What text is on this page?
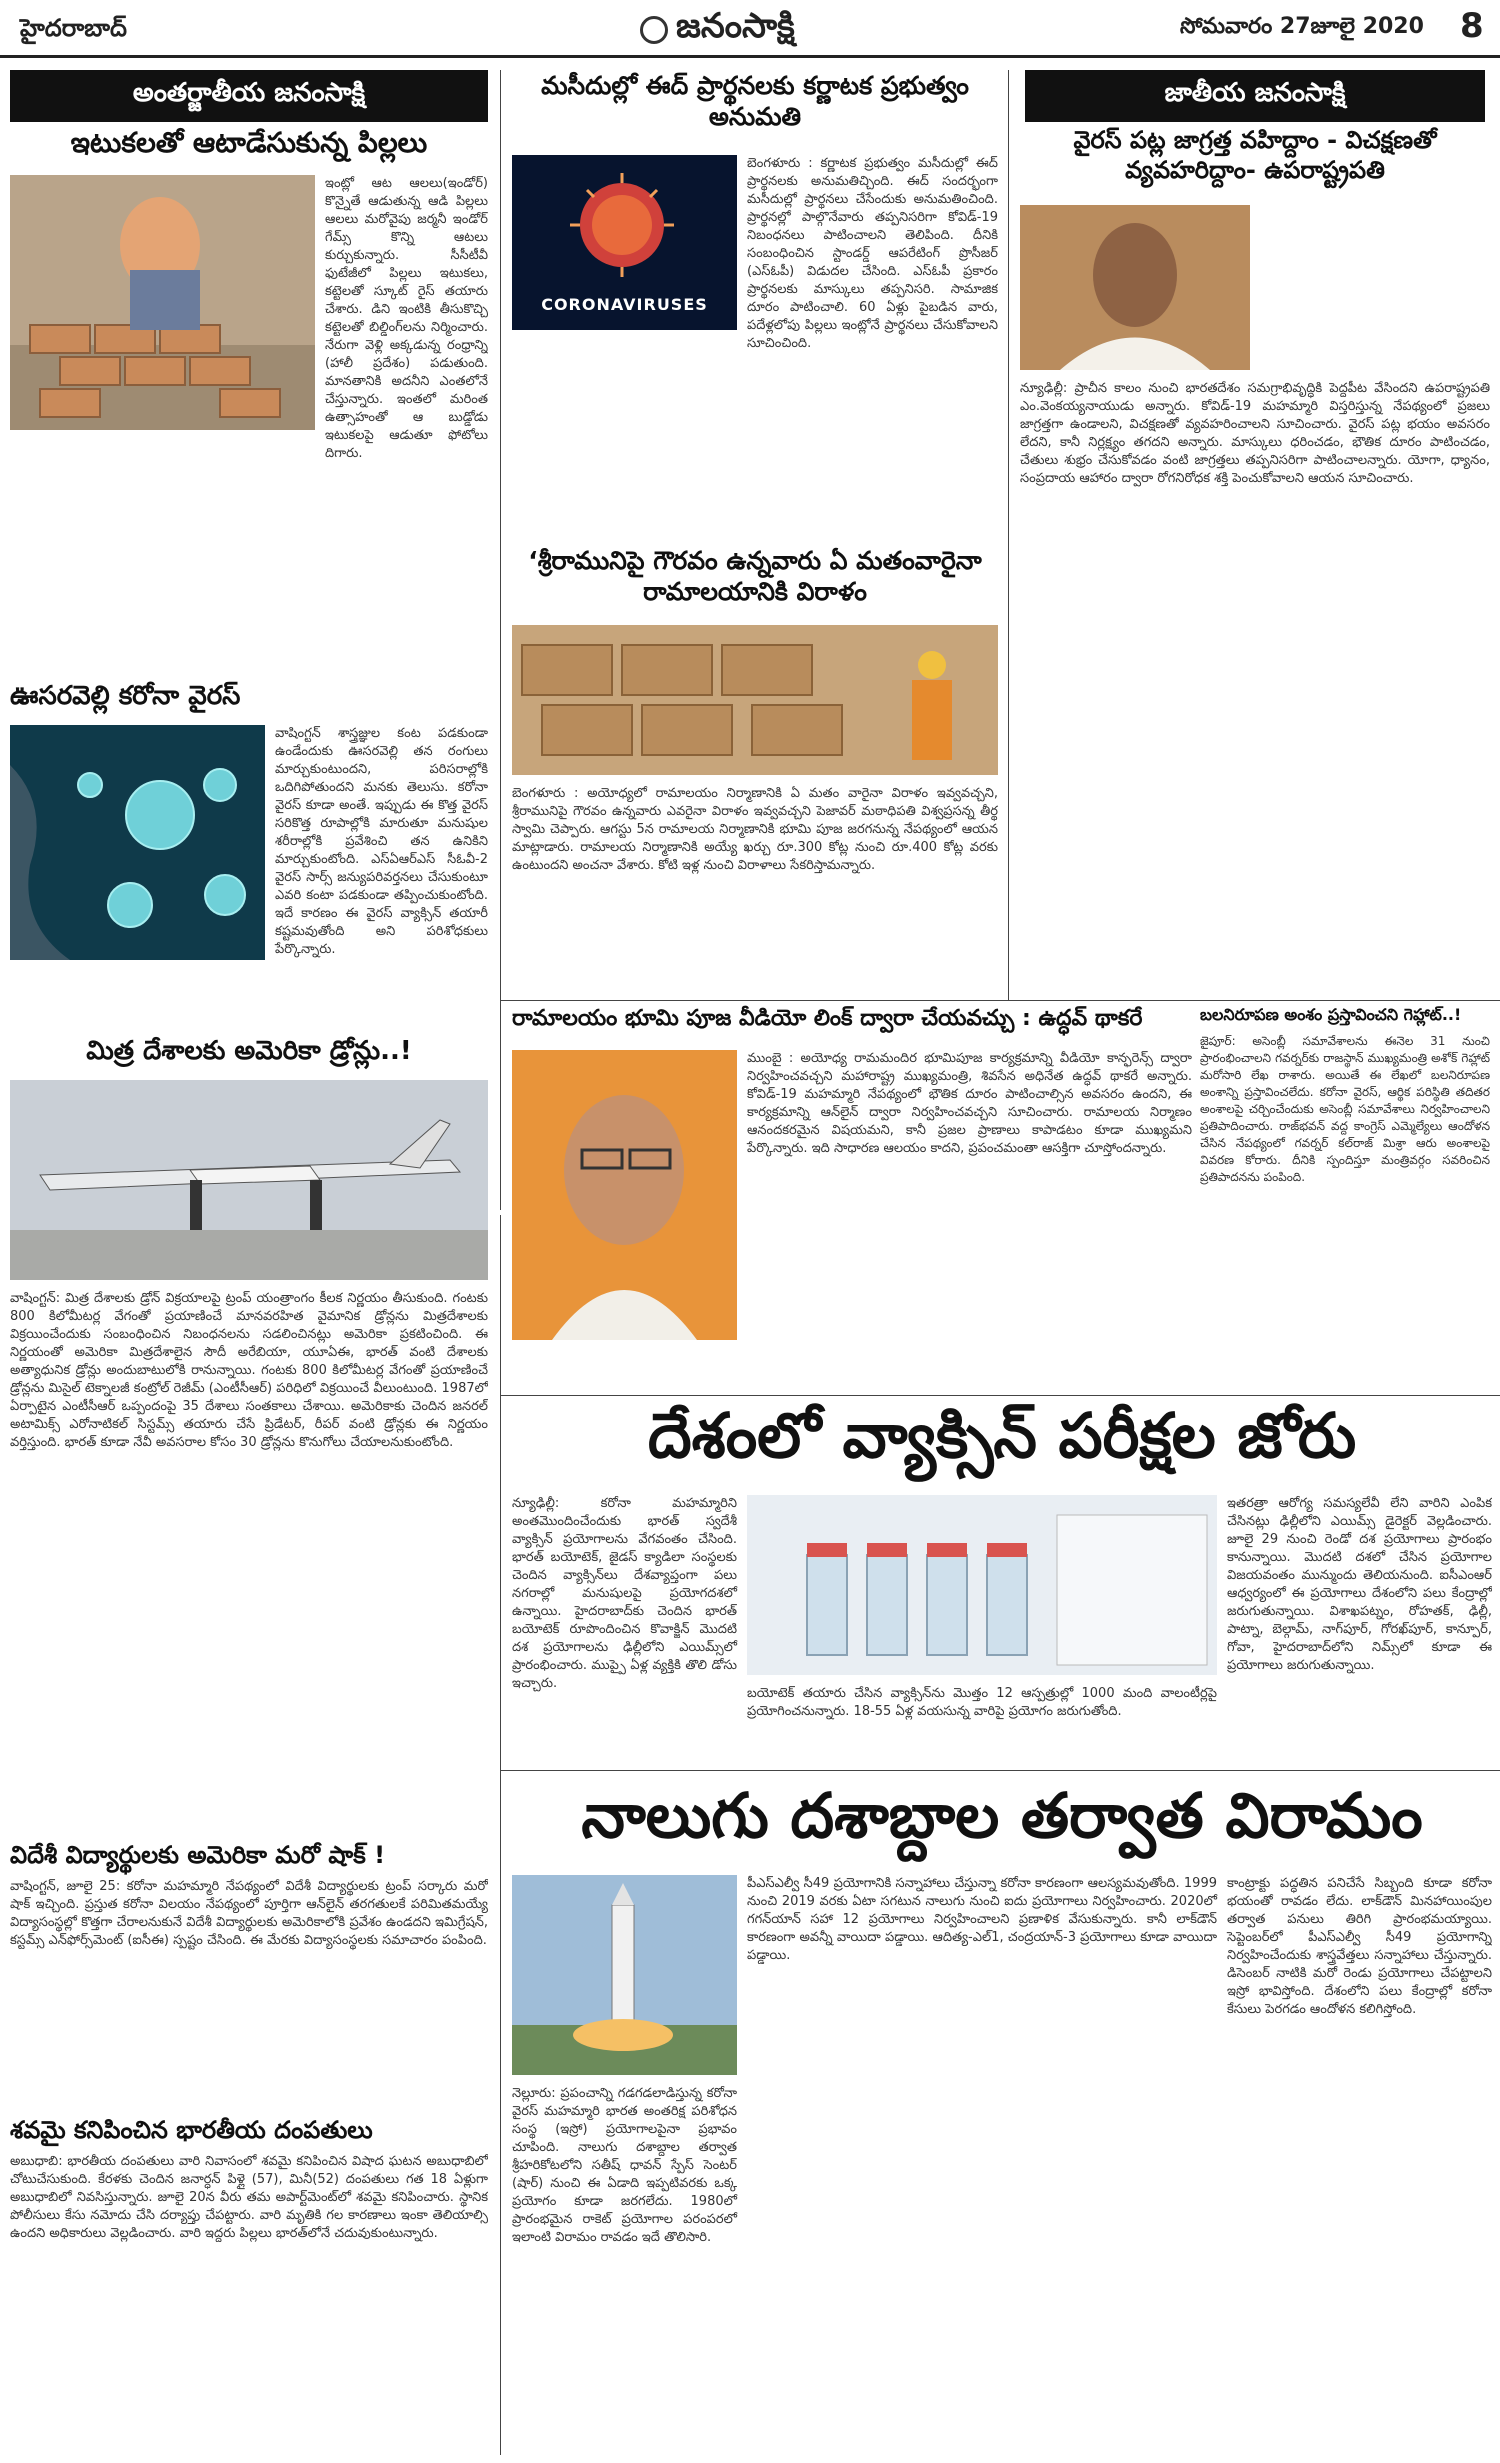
హైదరాబాద్	జనంసాక్షి	సోమవారం 27జూలై 2020 8
అంతర్జాతీయ జనంసాక్షి
ఇటుకలతో ఆటాడేసుకున్న పిల్లలు
ఇంట్లో ఆట ఆలలు(ఇండోర్) కొన్నైతే ఆడుతున్న ఆడి పిల్లలు ఆలలు మరోవైపు జర్మనీ ఇండోర్ గేమ్స్ కొన్ని ఆటలు కుర్చుకున్నారు. సీసీటీవీ ఫుటేజీలో పిల్లలు ఇటుకలు, కట్టెలతో స్కూట్ రైస్ తయారు చేశారు. డిని ఇంటికి తీసుకొచ్చి కట్టెలతో బిల్డింగ్‌లను నిర్మించారు. నేరుగా వెళ్లి అక్కడున్న రంధ్రాన్ని (హాలీ ప్రదేశం) పడుతుంది. మానతానికి అదనీని ఎంతలోనే చేస్తున్నారు. ఇంతలో మరింత ఉత్సాహంతో ఆ బుడ్డోడు ఇటుకలపై ఆడుతూ ఫోటోలు దిగారు.
ఊసరవెల్లి కరోనా వైరస్
వాషింగ్టన్ శాస్త్రజ్ఞుల కంట పడకుండా ఉండేందుకు ఊసరవెల్లి తన రంగులు మార్చుకుంటుందని, పరిసరాల్లోకి ఒదిగిపోతుందని మనకు తెలుసు. కరోనా వైరస్ కూడా అంతే. ఇప్పుడు ఈ కొత్త వైరస్ సరికొత్త రూపాల్లోకి మారుతూ మనుషుల శరీరాల్లోకి ప్రవేశించి తన ఉనికిని మార్చుకుంటోంది. ఎస్ఏఆర్ఎస్ సీఓవీ-2 వైరస్ సార్స్ జన్యుపరివర్తనలు చేసుకుంటూ ఎవరి కంటా పడకుండా తప్పించుకుంటోంది. ఇదే కారణం ఈ వైరస్ వ్యాక్సిన్ తయారీ కష్టమవుతోంది అని పరిశోధకులు పేర్కొన్నారు.
మిత్ర దేశాలకు అమెరికా డ్రోన్లు..!
వాషింగ్టన్: మిత్ర దేశాలకు డ్రోన్ విక్రయాలపై ట్రంప్ యంత్రాంగం కీలక నిర్ణయం తీసుకుంది. గంటకు 800 కిలోమీటర్ల వేగంతో ప్రయాణించే మానవరహిత వైమానిక డ్రోన్లను మిత్రదేశాలకు విక్రయించేందుకు సంబంధించిన నిబంధనలను సడలించినట్లు అమెరికా ప్రకటించింది. ఈ నిర్ణయంతో అమెరికా మిత్రదేశాలైన సౌదీ అరేబియా, యూఏఈ, భారత్ వంటి దేశాలకు అత్యాధునిక డ్రోన్లు అందుబాటులోకి రానున్నాయి. గంటకు 800 కిలోమీటర్ల వేగంతో ప్రయాణించే డ్రోన్లను మిసైల్ టెక్నాలజీ కంట్రోల్ రెజీమ్ (ఎంటీసీఆర్) పరిధిలో విక్రయించే వీలుంటుంది. 1987లో ఏర్పాటైన ఎంటీసీఆర్ ఒప్పందంపై 35 దేశాలు సంతకాలు చేశాయి. అమెరికాకు చెందిన జనరల్ అటామిక్స్ ఎరోనాటికల్ సిస్టమ్స్ తయారు చేసే ప్రిడేటర్, రీపర్ వంటి డ్రోన్లకు ఈ నిర్ణయం వర్తిస్తుంది. భారత్‌ కూడా నేవీ అవసరాల కోసం 30 డ్రోన్లను కొనుగోలు చేయాలనుకుంటోంది.
విదేశీ విద్యార్థులకు అమెరికా మరో షాక్ !
వాషింగ్టన్, జూలై 25: కరోనా మహమ్మారి నేపథ్యంలో విదేశీ విద్యార్థులకు ట్రంప్ సర్కారు మరో షాక్ ఇచ్చింది. ప్రస్తుత కరోనా విలయం నేపథ్యంలో పూర్తిగా ఆన్‌లైన్ తరగతులకే పరిమితమయ్యే విద్యాసంస్థల్లో కొత్తగా చేరాలనుకునే విదేశీ విద్యార్థులకు అమెరికాలోకి ప్రవేశం ఉండదని ఇమిగ్రేషన్, కస్టమ్స్ ఎన్‌ఫోర్స్‌మెంట్ (ఐసీఈ) స్పష్టం చేసింది. ఈ మేరకు విద్యాసంస్థలకు సమాచారం పంపింది.
శవమై కనిపించిన భారతీయ దంపతులు
అబుధాబి: భారతీయ దంపతులు వారి నివాసంలో శవమై కనిపించిన విషాద ఘటన అబుధాబిలో చోటుచేసుకుంది. కేరళకు చెందిన జనార్ధన్ పిళ్లై (57), మినీ(52) దంపతులు గత 18 ఏళ్లుగా అబుధాబిలో నివసిస్తున్నారు. జూలై 20న వీరు తమ అపార్ట్‌మెంట్‌లో శవమై కనిపించారు. స్థానిక పోలీసులు కేసు నమోదు చేసి దర్యాప్తు చేపట్టారు. వారి మృతికి గల కారణాలు ఇంకా తెలియాల్సి ఉందని అధికారులు వెల్లడించారు. వారి ఇద్దరు పిల్లలు భారత్‌లోనే చదువుకుంటున్నారు.
మసీదుల్లో ఈద్ ప్రార్థనలకు కర్ణాటక ప్రభుత్వం అనుమతి
CORONAVIRUSES
బెంగళూరు : కర్ణాటక ప్రభుత్వం మసీదుల్లో ఈద్ ప్రార్థనలకు అనుమతిచ్చింది. ఈద్ సందర్భంగా మసీదుల్లో ప్రార్థనలు చేసేందుకు అనుమతించింది. ప్రార్థనల్లో పాల్గొనేవారు తప్పనిసరిగా కోవిడ్-19 నిబంధనలు పాటించాలని తెలిపింది. దీనికి సంబంధించిన స్టాండర్డ్ ఆపరేటింగ్ ప్రొసీజర్ (ఎస్ఓపీ) విడుదల చేసింది. ఎస్ఓపీ ప్రకారం ప్రార్థనలకు మాస్కులు తప్పనిసరి. సామాజిక దూరం పాటించాలి. 60 ఏళ్లు పైబడిన వారు, పదేళ్లలోపు పిల్లలు ఇంట్లోనే ప్రార్థనలు చేసుకోవాలని సూచించింది.
‘శ్రీరామునిపై గౌరవం ఉన్నవారు ఏ మతంవారైనా రామాలయానికి విరాళం
బెంగళూరు : అయోధ్యలో రామాలయం నిర్మాణానికి ఏ మతం వారైనా విరాళం ఇవ్వవచ్చని, శ్రీరామునిపై గౌరవం ఉన్నవారు ఎవరైనా విరాళం ఇవ్వవచ్చని పెజావర్ మఠాధిపతి విశ్వప్రసన్న తీర్థ స్వామి చెప్పారు. ఆగస్టు 5న రామాలయ నిర్మాణానికి భూమి పూజ జరగనున్న నేపథ్యంలో ఆయన మాట్లాడారు. రామాలయ నిర్మాణానికి అయ్యే ఖర్చు రూ.300 కోట్ల నుంచి రూ.400 కోట్ల వరకు ఉంటుందని అంచనా వేశారు. కోటి ఇళ్ల నుంచి విరాళాలు సేకరిస్తామన్నారు.
రామాలయం భూమి పూజ వీడియో లింక్ ద్వారా చేయవచ్చు : ఉద్ధవ్ థాకరే
ముంబై : అయోధ్య రామమందిర భూమిపూజ కార్యక్రమాన్ని వీడియో కాన్ఫరెన్స్ ద్వారా నిర్వహించవచ్చని మహారాష్ట్ర ముఖ్యమంత్రి, శివసేన అధినేత ఉద్ధవ్ థాకరే అన్నారు. కోవిడ్-19 మహమ్మారి నేపథ్యంలో భౌతిక దూరం పాటించాల్సిన అవసరం ఉందని, ఈ కార్యక్రమాన్ని ఆన్‌లైన్ ద్వారా నిర్వహించవచ్చని సూచించారు. రామాలయ నిర్మాణం ఆనందకరమైన విషయమని, కానీ ప్రజల ప్రాణాలు కాపాడటం కూడా ముఖ్యమని పేర్కొన్నారు. ఇది సాధారణ ఆలయం కాదని, ప్రపంచమంతా ఆసక్తిగా చూస్తోందన్నారు.
జాతీయ జనంసాక్షి
వైరస్ పట్ల జాగ్రత్త వహిద్దాం - విచక్షణతో వ్యవహరిద్దాం- ఉపరాష్ట్రపతి
న్యూఢిల్లీ: ప్రాచీన కాలం నుంచి భారతదేశం సమగ్రాభివృద్ధికి పెద్దపీట వేసిందని ఉపరాష్ట్రపతి ఎం.వెంకయ్యనాయుడు అన్నారు. కోవిడ్-19 మహమ్మారి విస్తరిస్తున్న నేపథ్యంలో ప్రజలు జాగ్రత్తగా ఉండాలని, విచక్షణతో వ్యవహరించాలని సూచించారు. వైరస్ పట్ల భయం అవసరం లేదని, కానీ నిర్లక్ష్యం తగదని అన్నారు. మాస్కులు ధరించడం, భౌతిక దూరం పాటించడం, చేతులు శుభ్రం చేసుకోవడం వంటి జాగ్రత్తలు తప్పనిసరిగా పాటించాలన్నారు. యోగా, ధ్యానం, సంప్రదాయ ఆహారం ద్వారా రోగనిరోధక శక్తి పెంచుకోవాలని ఆయన సూచించారు.
బలనిరూపణ అంశం ప్రస్తావించని గెహ్లాట్..!
జైపూర్: అసెంబ్లీ సమావేశాలను ఈనెల 31 నుంచి ప్రారంభించాలని గవర్నర్‌కు రాజస్థాన్ ముఖ్యమంత్రి అశోక్ గెహ్లాట్ మరోసారి లేఖ రాశారు. అయితే ఈ లేఖలో బలనిరూపణ అంశాన్ని ప్రస్తావించలేదు. కరోనా వైరస్, ఆర్థిక పరిస్థితి తదితర అంశాలపై చర్చించేందుకు అసెంబ్లీ సమావేశాలు నిర్వహించాలని ప్రతిపాదించారు. రాజ్‌భవన్ వద్ద కాంగ్రెస్ ఎమ్మెల్యేలు ఆందోళన చేసిన నేపథ్యంలో గవర్నర్ కల్‌రాజ్ మిశ్రా ఆరు అంశాలపై వివరణ కోరారు. దీనికి స్పందిస్తూ మంత్రివర్గం సవరించిన ప్రతిపాదనను పంపింది.
దేశంలో వ్యాక్సిన్ పరీక్షల జోరు
న్యూఢిల్లీ: కరోనా మహమ్మారిని అంతమొందించేందుకు భారత్ స్వదేశీ వ్యాక్సిన్ ప్రయోగాలను వేగవంతం చేసింది. భారత్ బయోటెక్, జైడస్ క్యాడిలా సంస్థలకు చెందిన వ్యాక్సిన్‌లు దేశవ్యాప్తంగా పలు నగరాల్లో మనుషులపై ప్రయోగదశలో ఉన్నాయి. హైదరాబాద్‌కు చెందిన భారత్ బయోటెక్ రూపొందించిన కొవాక్జిన్ మొదటి దశ ప్రయోగాలను ఢిల్లీలోని ఎయిమ్స్‌లో ప్రారంభించారు. ముప్పై ఏళ్ల వ్యక్తికి తొలి డోసు ఇచ్చారు.
బయోటెక్ తయారు చేసిన వ్యాక్సిన్‌ను మొత్తం 12 ఆస్పత్రుల్లో 1000 మంది వాలంటీర్లపై ప్రయోగించనున్నారు. 18-55 ఏళ్ల వయసున్న వారిపై ప్రయోగం జరుగుతోంది.
ఇతరత్రా ఆరోగ్య సమస్యలేవీ లేని వారిని ఎంపిక చేసినట్లు ఢిల్లీలోని ఎయిమ్స్ డైరెక్టర్ వెల్లడించారు. జూలై 29 నుంచి రెండో దశ ప్రయోగాలు ప్రారంభం కానున్నాయి. మొదటి దశలో చేసిన ప్రయోగాల విజయవంతం మున్ముందు తెలియనుంది. ఐసీఎంఆర్ ఆధ్వర్యంలో ఈ ప్రయోగాలు దేశంలోని పలు కేంద్రాల్లో జరుగుతున్నాయి. విశాఖపట్నం, రోహతక్, ఢిల్లీ, పాట్నా, బెల్గామ్, నాగ్‌పూర్, గోరఖ్‌పూర్, కాన్పూర్, గోవా, హైదరాబాద్‌లోని నిమ్స్‌లో కూడా ఈ ప్రయోగాలు జరుగుతున్నాయి.
నాలుగు దశాబ్దాల తర్వాత విరామం
నెల్లూరు: ప్రపంచాన్ని గడగడలాడిస్తున్న కరోనా వైరస్ మహమ్మారి భారత అంతరిక్ష పరిశోధన సంస్థ (ఇస్రో) ప్రయోగాలపైనా ప్రభావం చూపింది. నాలుగు దశాబ్దాల తర్వాత శ్రీహరికోటలోని సతీష్ ధావన్ స్పేస్ సెంటర్ (షార్) నుంచి ఈ ఏడాది ఇప్పటివరకు ఒక్క ప్రయోగం కూడా జరగలేదు. 1980లో ప్రారంభమైన రాకెట్ ప్రయోగాల పరంపరలో ఇలాంటి విరామం రావడం ఇదే తొలిసారి.
పీఎస్ఎల్వీ సీ49 ప్రయోగానికి సన్నాహాలు చేస్తున్నా కరోనా కారణంగా ఆలస్యమవుతోంది. 1999 నుంచి 2019 వరకు ఏటా సగటున నాలుగు నుంచి ఐదు ప్రయోగాలు నిర్వహించారు. 2020లో గగన్‌యాన్ సహా 12 ప్రయోగాలు నిర్వహించాలని ప్రణాళిక వేసుకున్నారు. కానీ లాక్‌డౌన్ కారణంగా అవన్నీ వాయిదా పడ్డాయి. ఆదిత్య-ఎల్1, చంద్రయాన్-3 ప్రయోగాలు కూడా వాయిదా పడ్డాయి.
కాంట్రాక్టు పద్ధతిన పనిచేసే సిబ్బంది కూడా కరోనా భయంతో రావడం లేదు. లాక్‌డౌన్ మినహాయింపుల తర్వాత పనులు తిరిగి ప్రారంభమయ్యాయి. సెప్టెంబర్‌లో పీఎస్ఎల్వీ సీ49 ప్రయోగాన్ని నిర్వహించేందుకు శాస్త్రవేత్తలు సన్నాహాలు చేస్తున్నారు. డిసెంబర్ నాటికి మరో రెండు ప్రయోగాలు చేపట్టాలని ఇస్రో భావిస్తోంది. దేశంలోని పలు కేంద్రాల్లో కరోనా కేసులు పెరగడం ఆందోళన కలిగిస్తోంది.
